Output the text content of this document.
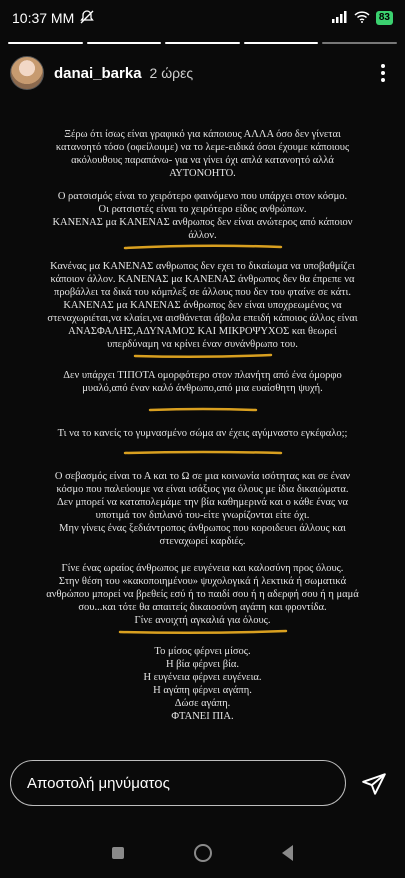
10:37 MM	83
danai_barka 2 ώρες
Ξέρω ότι ίσως είναι γραφικό για κάποιους ΑΛΛΑ όσο δεν γίνεται
κατανοητό τόσο (οφείλουμε) να το λεμε-ειδικά όσοι έχουμε κάποιους
ακόλουθους παραπάνω- για να γίνει όχι απλά κατανοητό αλλά
ΑΥΤΟΝΟΗΤΟ.
Ο ρατσισμός είναι το χειρότερο φαινόμενο που υπάρχει στον κόσμο.
Οι ρατσιστές είναι το χειρότερο είδος ανθρώπων.
ΚΑΝΕΝΑΣ μα ΚΑΝΕΝΑΣ ανθρωπος δεν είναι ανώτερος από κάποιον
άλλον.
Κανένας μα ΚΑΝΕΝΑΣ ανθρωπος δεν εχει το δικαίωμα να υποβαθμίζει
κάποιον άλλον. ΚΑΝΕΝΑΣ μα ΚΑΝΕΝΑΣ άνθρωπος δεν θα έπρεπε να
προβάλλει τα δικά του κόμπλεξ σε άλλους που δεν του φταίνε σε κάτι.
ΚΑΝΕΝΑΣ μα ΚΑΝΕΝΑΣ άνθρωπος δεν είναι υποχρεωμένος να
στεναχωριέται,να κλαίει,να αισθάνεται άβολα επειδή κάποιος άλλος είναι
ΑΝΑΣΦΑΛΗΣ,ΑΔΥΝΑΜΟΣ ΚΑΙ ΜΙΚΡΟΨΥΧΟΣ και θεωρεί
υπερδύναμη να κρίνει έναν συνάνθρωπο του.
Δεν υπάρχει ΤΙΠΟΤΑ ομορφότερο στον πλανήτη από ένα όμορφο
μυαλό,από έναν καλό άνθρωπο,από μια ευαίσθητη ψυχή.
Τι να το κανείς το γυμνασμένο σώμα αν έχεις αγύμναστο εγκέφαλο;;
Ο σεβασμός είναι το Α και το Ω σε μια κοινωνία ισότητας και σε έναν
κόσμο που παλεύουμε να είναι ισάξιος για όλους με ίδια δικαιώματα.
Δεν μπορεί να καταπολεμάμε την βία καθημερινά και ο κάθε ένας να
υποτιμά τον διπλανό του-είτε γνωρίζονται είτε όχι.
Μην γίνεις ένας ξεδιάντροπος άνθρωπος που κοροιδευει άλλους και
στεναχωρεί καρδιές.
Γίνε ένας ωραίος άνθρωπος με ευγένεια και καλοσύνη προς όλους.
Στην θέση του «κακοποιημένου» ψυχολογικά ή λεκτικά ή σωματικά
ανθρώπου μπορεί να βρεθείς εσύ ή το παιδί σου ή η αδερφή σου ή η μαμά
σου...και τότε θα απαιτείς δικαιοσύνη αγάπη και φροντίδα.
Γίνε ανοιχτή αγκαλιά για όλους.
Το μίσος φέρνει μίσος.
Η βία φέρνει βία.
Η ευγένεια φέρνει ευγένεια.
Η αγάπη φέρνει αγάπη.
Δώσε αγάπη.
ΦΤΑΝΕΙ ΠΙΑ.
Αποστολή μηνύματος
